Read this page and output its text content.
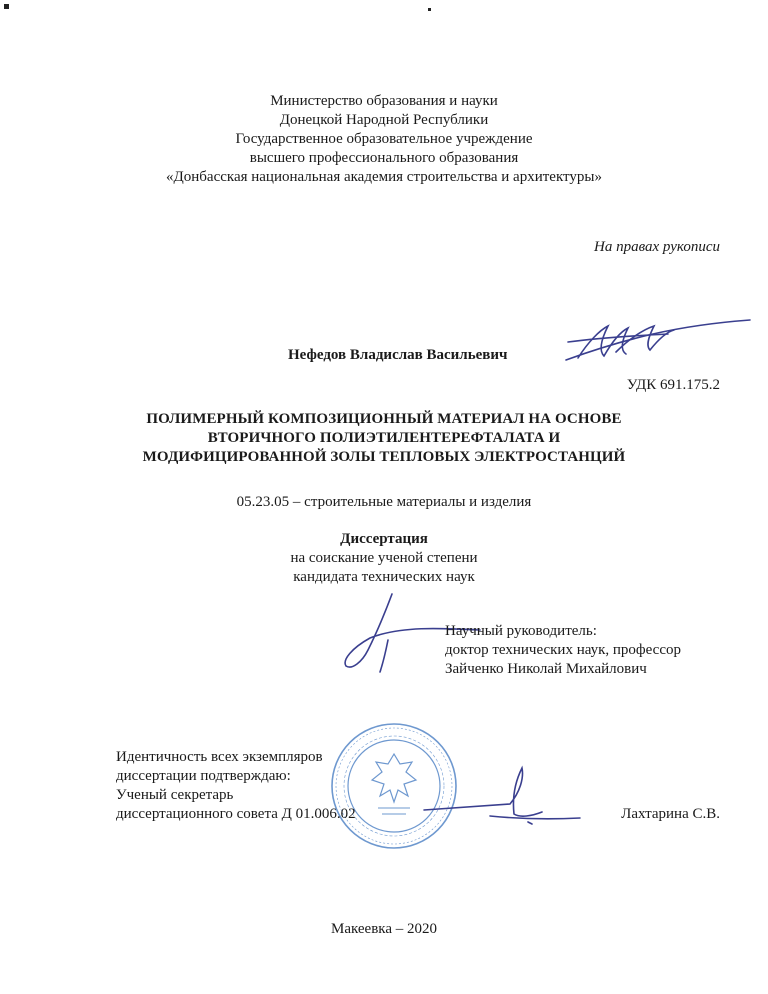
Министерство образования и науки
Донецкой Народной Республики
Государственное образовательное учреждение
высшего профессионального образования
«Донбасская национальная академия строительства и архитектуры»
На правах рукописи
Нефедов Владислав Васильевич
УДК 691.175.2
ПОЛИМЕРНЫЙ КОМПОЗИЦИОННЫЙ МАТЕРИАЛ НА ОСНОВЕ
ВТОРИЧНОГО ПОЛИЭТИЛЕНТЕРЕФТАЛАТА И
МОДИФИЦИРОВАННОЙ ЗОЛЫ ТЕПЛОВЫХ ЭЛЕКТРОСТАНЦИЙ
05.23.05 – строительные материалы и изделия
Диссертация
на соискание ученой степени
кандидата технических наук
Научный руководитель:
доктор технических наук, профессор
Зайченко Николай Михайлович
Идентичность всех экземпляров
диссертации подтверждаю:
Ученый секретарь
диссертационного совета Д 01.006.02	Лахтарина С.В.
Макеевка – 2020
